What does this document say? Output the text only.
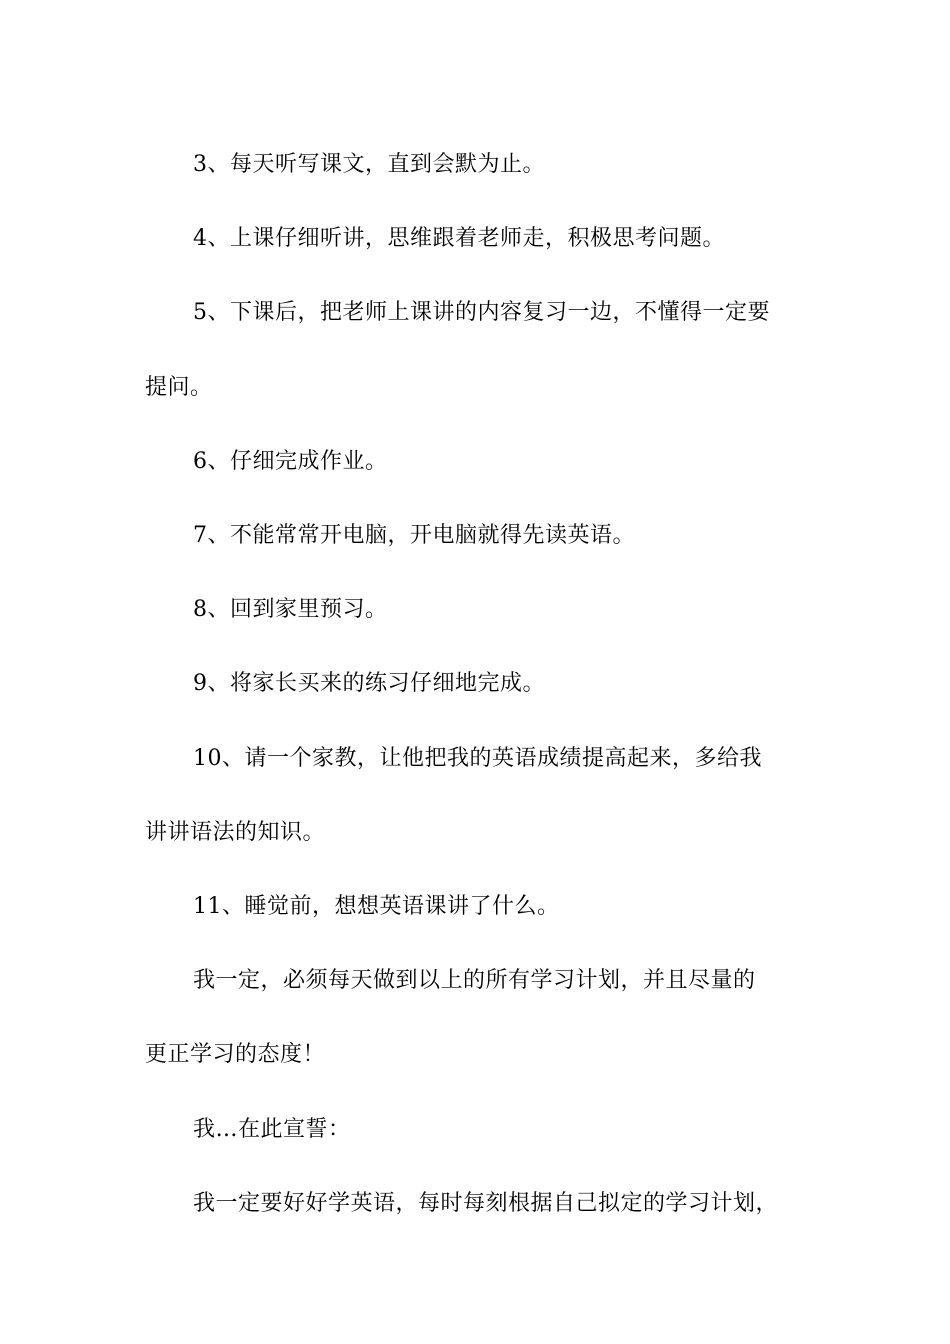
3、每天听写课文，直到会默为止。

4、上课仔细听讲，思维跟着老师走，积极思考问题。

5、下课后，把老师上课讲的内容复习一边，不懂得一定要
提问。

6、仔细完成作业。

7、不能常常开电脑，开电脑就得先读英语。

8、回到家里预习。

9、将家长买来的练习仔细地完成。

10、请一个家教，让他把我的英语成绩提高起来，多给我
讲讲语法的知识。

11、睡觉前，想想英语课讲了什么。

我一定，必须每天做到以上的所有学习计划，并且尽量的
更正学习的态度！

我…在此宣誓：

我一定要好好学英语，每时每刻根据自己拟定的学习计划，
